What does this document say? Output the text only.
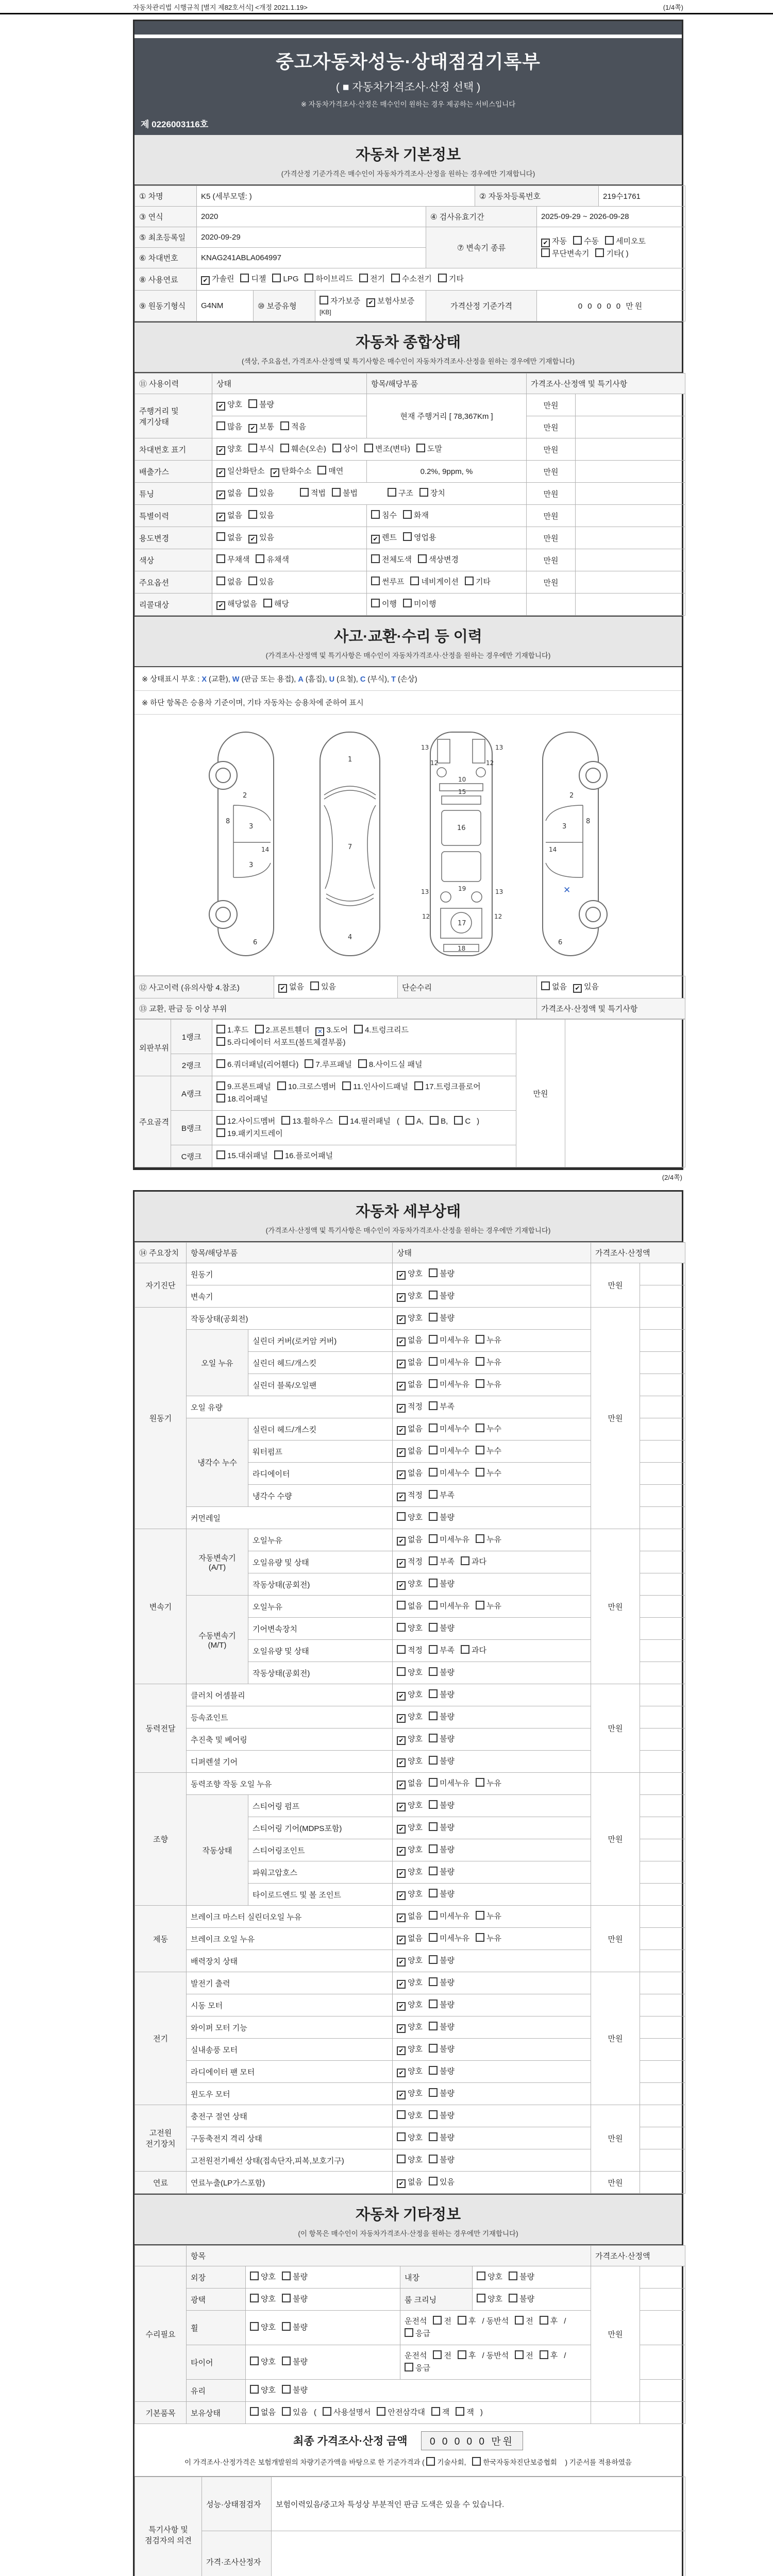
자동차관리법 시행규칙 [별지 제82호서식] <개정 2021.1.19>	(1/4쪽)
중고자동차성능·상태점검기록부
( ■ 자동차가격조사·산정 선택 )
※ 자동차가격조사·산정은 매수인이 원하는 경우 제공하는 서비스입니다
제 0226003116호
자동차 기본정보
(가격산정 기준가격은 매수인이 자동차가격조사·산정을 원하는 경우에만 기재합니다)
① 차명	K5 (세부모델: )				② 자동차등록번호		219수1761
③ 연식	2020			④ 검사유효기간		2025-09-29 ~ 2026-09-28	
⑤ 최초등록일	2020-09-29			⑦ 변속기 종류		✔ 자동 수동 세미오토무단변속기 기타( )	
⑥ 차대번호	KNAG241ABLA064997						
⑧ 사용연료	✔ 가솔린 디젤 LPG 하이브리드 전기 수소전기 기타						
⑨ 원동기형식	G4NM	⑩ 보증유형	자가보증 ✔ 보험사보증 [KB]	가격산정 기준가격		0 0 0 0 0 만원	
자동차 종합상태
(색상, 주요옵션, 가격조사·산정액 및 특기사항은 매수인이 자동차가격조사·산정을 원하는 경우에만 기재합니다)
⑪ 사용이력	상태	항목/해당부품	가격조사·산정액 및 특기사항	
주행거리 및 계기상태	✔ 양호 불량	현재 주행거리 [ 78,367Km ]	만원	
	많음 ✔ 보통 적음		만원	
차대번호 표기	✔ 양호 부식 훼손(오손) 상이 변조(변타) 도말		만원	
배출가스	✔ 일산화탄소 ✔ 탄화수소 매연	0.2%, 9ppm, %	만원	
튜닝	✔ 없음 있음 적법 불법 구조 장치		만원	
특별이력	✔ 없음 있음	침수 화재	만원	
용도변경	없음 ✔ 있음	✔ 렌트 영업용	만원	
색상	무채색 유채색	전체도색 색상변경	만원	
주요옵션	없음 있음	썬루프 네비게이션 기타	만원	
리콜대상	✔ 해당없음 해당	이행 미이행		
사고·교환·수리 등 이력
(가격조사·산정액 및 특기사항은 매수인이 자동차가격조사·산정을 원하는 경우에만 기재합니다)
※ 상태표시 부호 : X (교환), W (판금 또는 용접), A (흠집), U (요철), C (부식), T (손상)
※ 하단 항목은 승용차 기준이며, 기타 자동차는 승용차에 준하여 표시
2
3
8
14
3
6
1
7
4
13	13
12	12
10
15
16
13	13
19
12	12
17
18
2
3
8
14
6
✕
⑫ 사고이력 (유의사항 4.참조)	✔ 없음 있음	단순수리	없음 ✔ 있음
⑬ 교환, 판금 등 이상 부위			가격조사·산정액 및 특기사항
외판부위	1랭크	1.후드 2.프론트휀더 ✕ 3.도어 4.트렁크리드5.라디에이터 서포트(볼트체결부품)	만원	
	2랭크	6.쿼더패널(리어휀다) 7.루프패널 8.사이드실 패널		
주요골격	A랭크	9.프론트패널 10.크로스멤버 11.인사이드패널 17.트렁크플로어18.리어패널		
	B랭크	12.사이드멤버 13.휠하우스 14.필러패널 ( A, B, C )19.패키지트레이		
	C랭크	15.대쉬패널 16.플로어패널		
(2/4쪽)
자동차 세부상태
(가격조사·산정액 및 특기사항은 매수인이 자동차가격조사·산정을 원하는 경우에만 기재합니다)
⑭ 주요장치	항목/해당부품		상태	가격조사·산정액	
자기진단	원동기		✔ 양호 불량	만원	
	변속기		✔ 양호 불량		
원동기	작동상태(공회전)		✔ 양호 불량	만원	
	오일 누유	실린더 커버(로커암 커버)	✔ 없음 미세누유 누유		
		실린더 헤드/개스킷	✔ 없음 미세누유 누유		
		실린더 블록/오일팬	✔ 없음 미세누유 누유		
	오일 유량		✔ 적정 부족		
	냉각수 누수	실린더 헤드/개스킷	✔ 없음 미세누수 누수		
		워터펌프	✔ 없음 미세누수 누수		
		라디에이터	✔ 없음 미세누수 누수		
		냉각수 수량	✔ 적정 부족		
	커먼레일		양호 불량		
변속기	자동변속기 (A/T)	오일누유	✔ 없음 미세누유 누유	만원	
		오일유량 및 상태	✔ 적정 부족 과다		
		작동상태(공회전)	✔ 양호 불량		
	수동변속기 (M/T)	오일누유	없음 미세누유 누유		
		기어변속장치	양호 불량		
		오일유량 및 상태	적정 부족 과다		
		작동상태(공회전)	양호 불량		
동력전달	클러치 어셈블리		✔ 양호 불량	만원	
	등속죠인트		✔ 양호 불량		
	추진축 및 베어링		✔ 양호 불량		
	디퍼렌셜 기어		✔ 양호 불량		
조향	동력조향 작동 오일 누유		✔ 없음 미세누유 누유	만원	
	작동상태	스티어링 펌프	✔ 양호 불량		
		스티어링 기어(MDPS포함)	✔ 양호 불량		
		스티어링조인트	✔ 양호 불량		
		파워고압호스	✔ 양호 불량		
		타이로드엔드 및 볼 조인트	✔ 양호 불량		
제동	브레이크 마스터 실린더오일 누유		✔ 없음 미세누유 누유	만원	
	브레이크 오일 누유		✔ 없음 미세누유 누유		
	배력장치 상태		✔ 양호 불량		
전기	발전기 출력		✔ 양호 불량	만원	
	시동 모터		✔ 양호 불량		
	와이퍼 모터 기능		✔ 양호 불량		
	실내송풍 모터		✔ 양호 불량		
	라디에이터 팬 모터		✔ 양호 불량		
	윈도우 모터		✔ 양호 불량		
고전원 전기장치	충전구 절연 상태		양호 불량	만원	
	구동축전지 격리 상태		양호 불량		
	고전원전기배선 상태(접속단자,피복,보호기구)		양호 불량		
연료	연료누출(LP가스포함)		✔ 없음 있음	만원	
자동차 기타정보
(이 항목은 매수인이 자동차가격조사·산정을 원하는 경우에만 기재합니다)
	항목				가격조사·산정액	
수리필요	외장	양호 불량	내장	양호 불량	만원	
	광택	양호 불량	룸 크리닝	양호 불량		
	휠	양호 불량	운전석 전 후 / 동반석 전 후 /응급			
	타이어	양호 불량	운전석 전 후 / 동반석 전 후 /응급			
	유리	양호 불량				
기본품목	보유상태	없음 있음 ( 사용설명서 안전삼각대 잭 잭 )				
최종 가격조사·산정 금액 0 0 0 0 0 만원
이 가격조사·산정가격은 보험개발원의 차량기준가액을 바탕으로 한 기준가격과 ( 기술사회, 한국자동차진단보증협회 ) 기준서를 적용하였음
특기사항 및 점검자의 의견	성능·상태점검자	보험이력있음/중고차 특성상 부분적인 판금 도색은 있을 수 있습니다.
	가격·조사산정자	
